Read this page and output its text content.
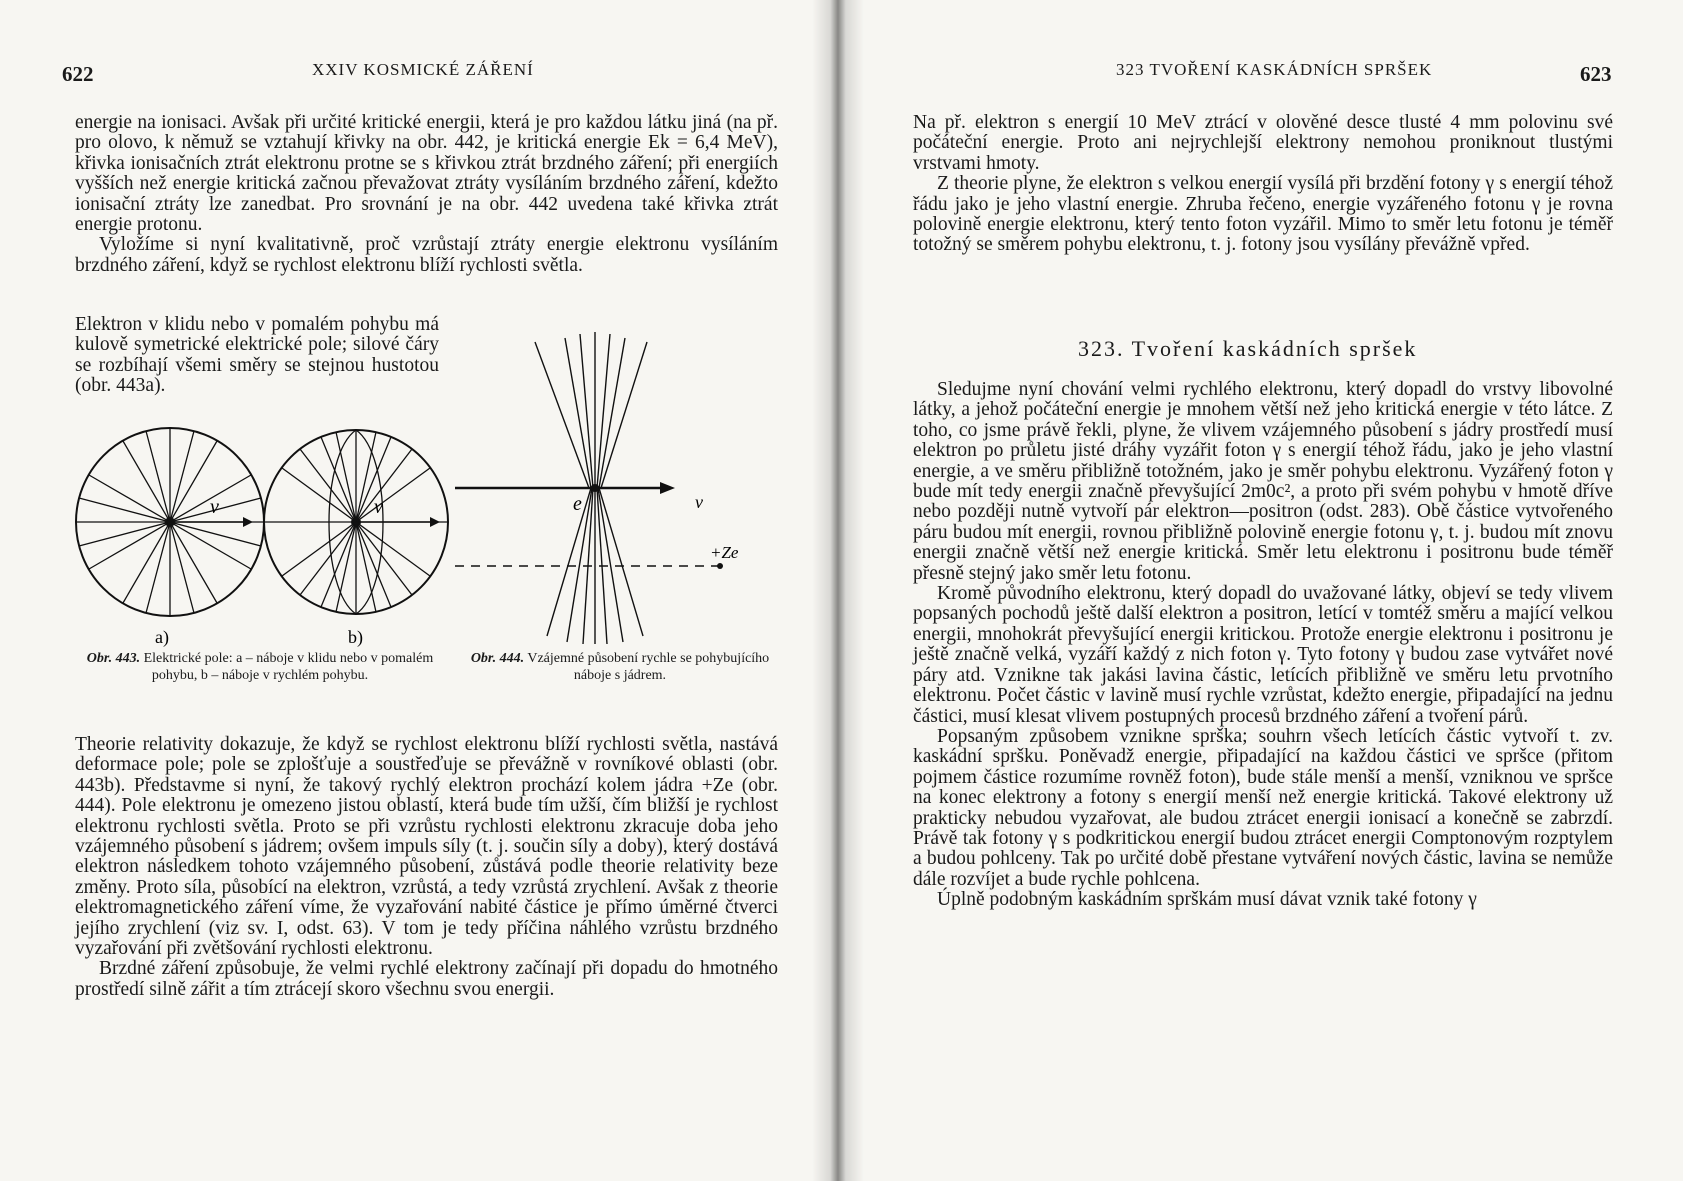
622	XXIV KOSMICKÉ ZÁŘENÍ

energie na ionisaci. Avšak při určité kritické energii, která je pro každou látku jiná (na př. pro olovo, k němuž se vztahují křivky na obr. 442, je kritická energie Ek = 6,4 MeV), křivka ionisačních ztrát elektronu protne se s křivkou ztrát brzdného záření; při energiích vyšších než energie kritická začnou převažovat ztráty vysíláním brzdného záření, kdežto ionisační ztráty lze zanedbat. Pro srovnání je na obr. 442 uvedena také křivka ztrát energie protonu.

Vyložíme si nyní kvalitativně, proč vzrůstají ztráty energie elektronu vysíláním brzdného záření, když se rychlost elektronu blíží rychlosti světla.

Elektron v klidu nebo v pomalém pohybu má kulově symetrické elektrické pole; silové čáry se rozbíhají všemi směry se stejnou hustotou (obr. 443a).

v	v
a)	b)
e	v
+Ze
Obr. 443. Elektrické pole: a – náboje v klidu nebo v pomalém pohybu, b – náboje v rychlém pohybu.
Obr. 444. Vzájemné působení rychle se pohybujícího náboje s jádrem.

Theorie relativity dokazuje, že když se rychlost elektronu blíží rychlosti světla, nastává deformace pole; pole se zplošťuje a soustřeďuje se převážně v rovníkové oblasti (obr. 443b). Představme si nyní, že takový rychlý elektron prochází kolem jádra +Ze (obr. 444). Pole elektronu je omezeno jistou oblastí, která bude tím užší, čím bližší je rychlost elektronu rychlosti světla. Proto se při vzrůstu rychlosti elektronu zkracuje doba jeho vzájemného působení s jádrem; ovšem impuls síly (t. j. součin síly a doby), který dostává elektron následkem tohoto vzájemného působení, zůstává podle theorie relativity beze změny. Proto síla, působící na elektron, vzrůstá, a tedy vzrůstá zrychlení. Avšak z theorie elektromagnetického záření víme, že vyzařování nabité částice je přímo úměrné čtverci jejího zrychlení (viz sv. I, odst. 63). V tom je tedy příčina náhlého vzrůstu brzdného vyzařování při zvětšování rychlosti elektronu.

Brzdné záření způsobuje, že velmi rychlé elektrony začínají při dopadu do hmotného prostředí silně zářit a tím ztrácejí skoro všechnu svou energii.

323 TVOŘENÍ KASKÁDNÍCH SPRŠEK	623

Na př. elektron s energií 10 MeV ztrácí v olověné desce tlusté 4 mm polovinu své počáteční energie. Proto ani nejrychlejší elektrony nemohou proniknout tlustými vrstvami hmoty.

Z theorie plyne, že elektron s velkou energií vysílá při brzdění fotony γ s energií téhož řádu jako je jeho vlastní energie. Zhruba řečeno, energie vyzářeného fotonu γ je rovna polovině energie elektronu, který tento foton vyzářil. Mimo to směr letu fotonu je téměř totožný se směrem pohybu elektronu, t. j. fotony jsou vysílány převážně vpřed.

323. Tvoření kaskádních spršek

Sledujme nyní chování velmi rychlého elektronu, který dopadl do vrstvy libovolné látky, a jehož počáteční energie je mnohem větší než jeho kritická energie v této látce. Z toho, co jsme právě řekli, plyne, že vlivem vzájemného působení s jádry prostředí musí elektron po průletu jisté dráhy vyzářit foton γ s energií téhož řádu, jako je jeho vlastní energie, a ve směru přibližně totožném, jako je směr pohybu elektronu. Vyzářený foton γ bude mít tedy energii značně převyšující 2m0c², a proto při svém pohybu v hmotě dříve nebo později nutně vytvoří pár elektron—positron (odst. 283). Obě částice vytvořeného páru budou mít energii, rovnou přibližně polovině energie fotonu γ, t. j. budou mít znovu energii značně větší než energie kritická. Směr letu elektronu i positronu bude téměř přesně stejný jako směr letu fotonu.

Kromě původního elektronu, který dopadl do uvažované látky, objeví se tedy vlivem popsaných pochodů ještě další elektron a positron, letící v tomtéž směru a mající velkou energii, mnohokrát převyšující energii kritickou. Protože energie elektronu i positronu je ještě značně velká, vyzáří každý z nich foton γ. Tyto fotony γ budou zase vytvářet nové páry atd. Vznikne tak jakási lavina částic, letících přibližně ve směru letu prvotního elektronu. Počet částic v lavině musí rychle vzrůstat, kdežto energie, připadající na jednu částici, musí klesat vlivem postupných procesů brzdného záření a tvoření párů.

Popsaným způsobem vznikne sprška; souhrn všech letících částic vytvoří t. zv. kaskádní spršku. Poněvadž energie, připadající na každou částici ve spršce (přitom pojmem částice rozumíme rovněž foton), bude stále menší a menší, vzniknou ve spršce na konec elektrony a fotony s energií menší než energie kritická. Takové elektrony už prakticky nebudou vyzařovat, ale budou ztrácet energii ionisací a konečně se zabrzdí. Právě tak fotony γ s podkritickou energií budou ztrácet energii Comptonovým rozptylem a budou pohlceny. Tak po určité době přestane vytváření nových částic, lavina se nemůže dále rozvíjet a bude rychle pohlcena.

Úplně podobným kaskádním sprškám musí dávat vznik také fotony γ
